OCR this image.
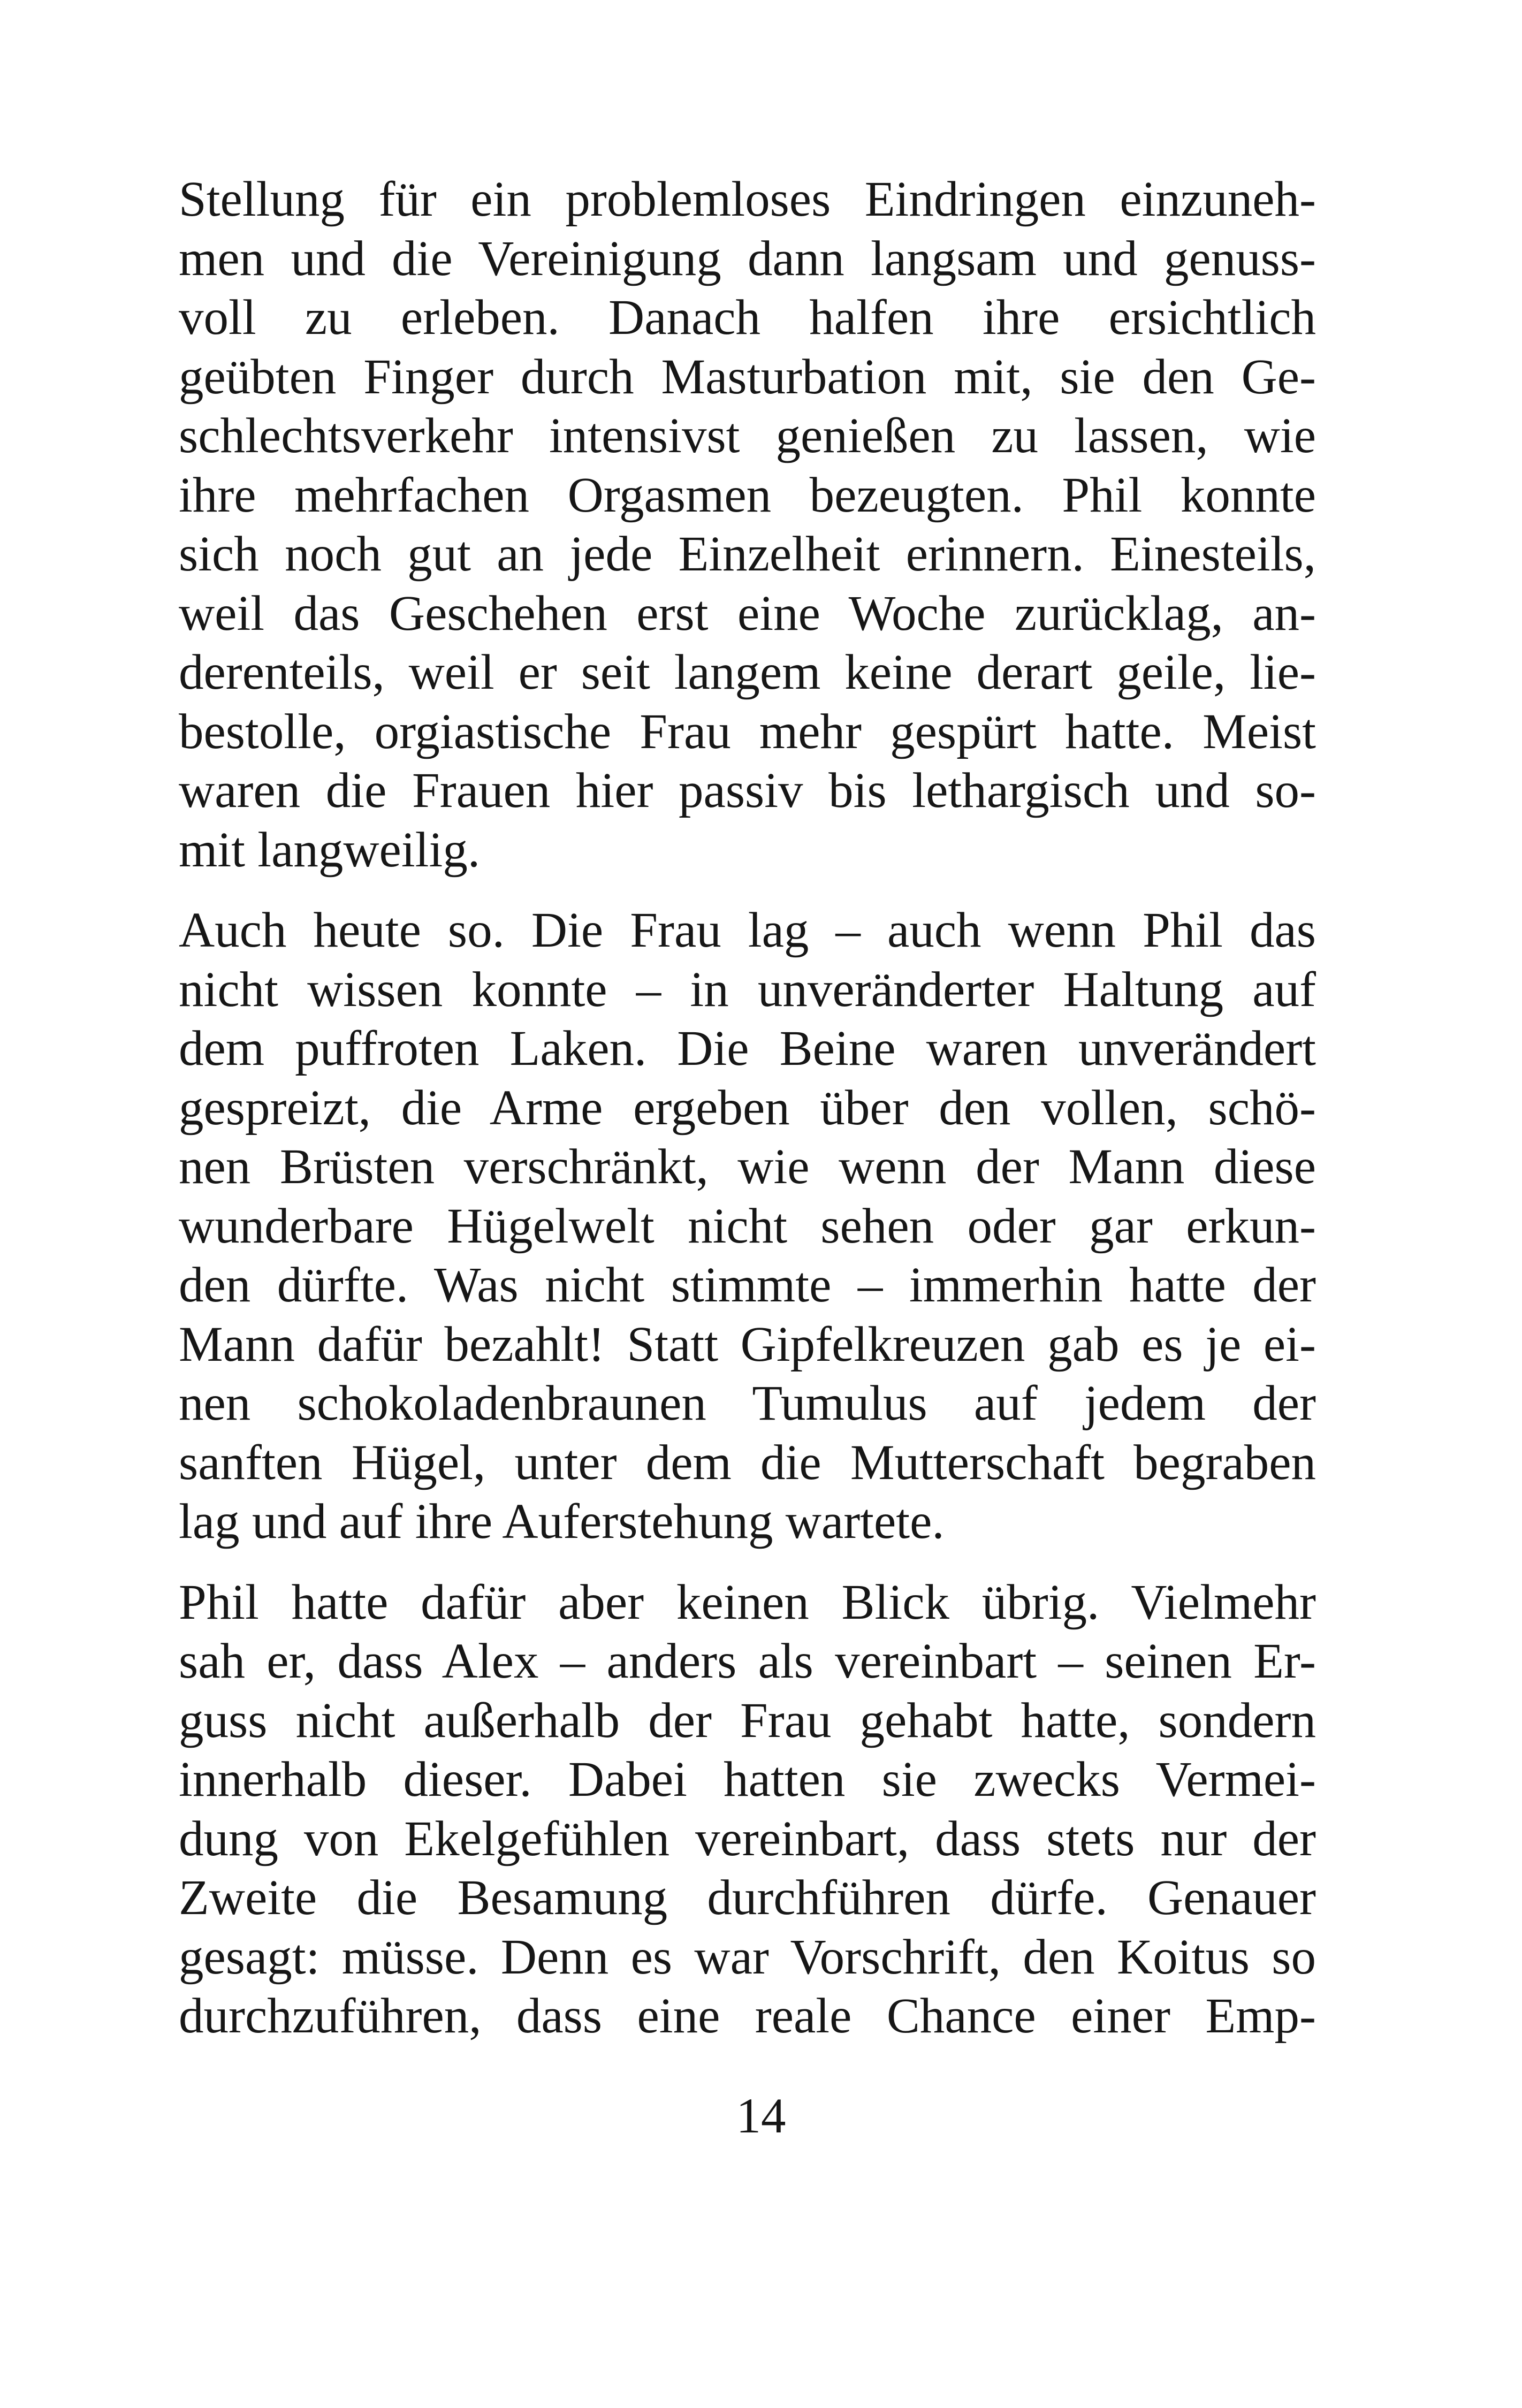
Stellung für ein problemloses Eindringen einzuneh-
men und die Vereinigung dann langsam und genuss-
voll zu erleben. Danach halfen ihre ersichtlich
geübten Finger durch Masturbation mit, sie den Ge-
schlechtsverkehr intensivst genießen zu lassen, wie
ihre mehrfachen Orgasmen bezeugten. Phil konnte
sich noch gut an jede Einzelheit erinnern. Einesteils,
weil das Geschehen erst eine Woche zurücklag, an-
derenteils, weil er seit langem keine derart geile, lie-
bestolle, orgiastische Frau mehr gespürt hatte. Meist
waren die Frauen hier passiv bis lethargisch und so-
mit langweilig.
Auch heute so. Die Frau lag – auch wenn Phil das
nicht wissen konnte – in unveränderter Haltung auf
dem puffroten Laken. Die Beine waren unverändert
gespreizt, die Arme ergeben über den vollen, schö-
nen Brüsten verschränkt, wie wenn der Mann diese
wunderbare Hügelwelt nicht sehen oder gar erkun-
den dürfte. Was nicht stimmte – immerhin hatte der
Mann dafür bezahlt! Statt Gipfelkreuzen gab es je ei-
nen schokoladenbraunen Tumulus auf jedem der
sanften Hügel, unter dem die Mutterschaft begraben
lag und auf ihre Auferstehung wartete.
Phil hatte dafür aber keinen Blick übrig. Vielmehr
sah er, dass Alex – anders als vereinbart – seinen Er-
guss nicht außerhalb der Frau gehabt hatte, sondern
innerhalb dieser. Dabei hatten sie zwecks Vermei-
dung von Ekelgefühlen vereinbart, dass stets nur der
Zweite die Besamung durchführen dürfe. Genauer
gesagt: müsse. Denn es war Vorschrift, den Koitus so
durchzuführen, dass eine reale Chance einer Emp-
14
